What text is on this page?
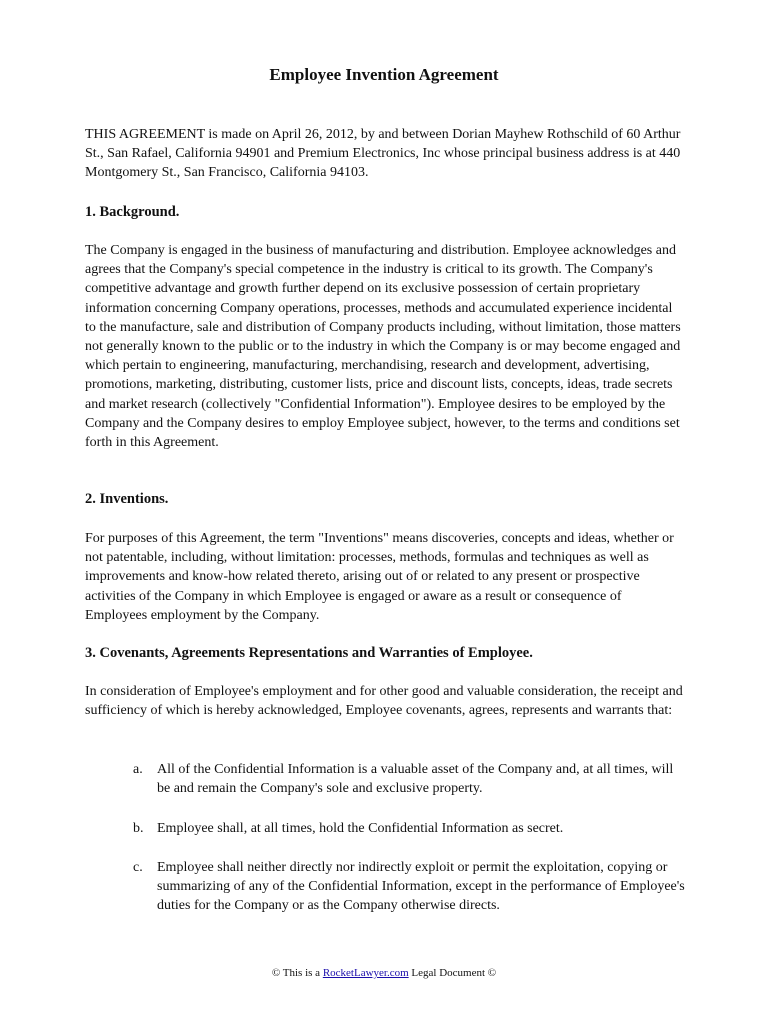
Employee Invention Agreement

THIS AGREEMENT is made on April 26, 2012, by and between Dorian Mayhew Rothschild of 60 Arthur St., San Rafael, California 94901 and Premium Electronics, Inc whose principal business address is at 440 Montgomery St., San Francisco, California 94103.

1. Background.

The Company is engaged in the business of manufacturing and distribution. Employee acknowledges and agrees that the Company's special competence in the industry is critical to its growth. The Company's competitive advantage and growth further depend on its exclusive possession of certain proprietary information concerning Company operations, processes, methods and accumulated experience incidental to the manufacture, sale and distribution of Company products including, without limitation, those matters not generally known to the public or to the industry in which the Company is or may become engaged and which pertain to engineering, manufacturing, merchandising, research and development, advertising, promotions, marketing, distributing, customer lists, price and discount lists, concepts, ideas, trade secrets and market research (collectively "Confidential Information"). Employee desires to be employed by the Company and the Company desires to employ Employee subject, however, to the terms and conditions set forth in this Agreement.

2. Inventions.

For purposes of this Agreement, the term "Inventions" means discoveries, concepts and ideas, whether or not patentable, including, without limitation: processes, methods, formulas and techniques as well as improvements and know-how related thereto, arising out of or related to any present or prospective activities of the Company in which Employee is engaged or aware as a result or consequence of Employees employment by the Company.

3. Covenants, Agreements Representations and Warranties of Employee.

In consideration of Employee's employment and for other good and valuable consideration, the receipt and sufficiency of which is hereby acknowledged, Employee covenants, agrees, represents and warrants that:

a.	All of the Confidential Information is a valuable asset of the Company and, at all times, will be and remain the Company's sole and exclusive property.
b. Employee shall, at all times, hold the Confidential Information as secret.
c.	Employee shall neither directly nor indirectly exploit or permit the exploitation, copying or summarizing of any of the Confidential Information, except in the performance of Employee's duties for the Company or as the Company otherwise directs.
© This is a RocketLawyer.com Legal Document ©
